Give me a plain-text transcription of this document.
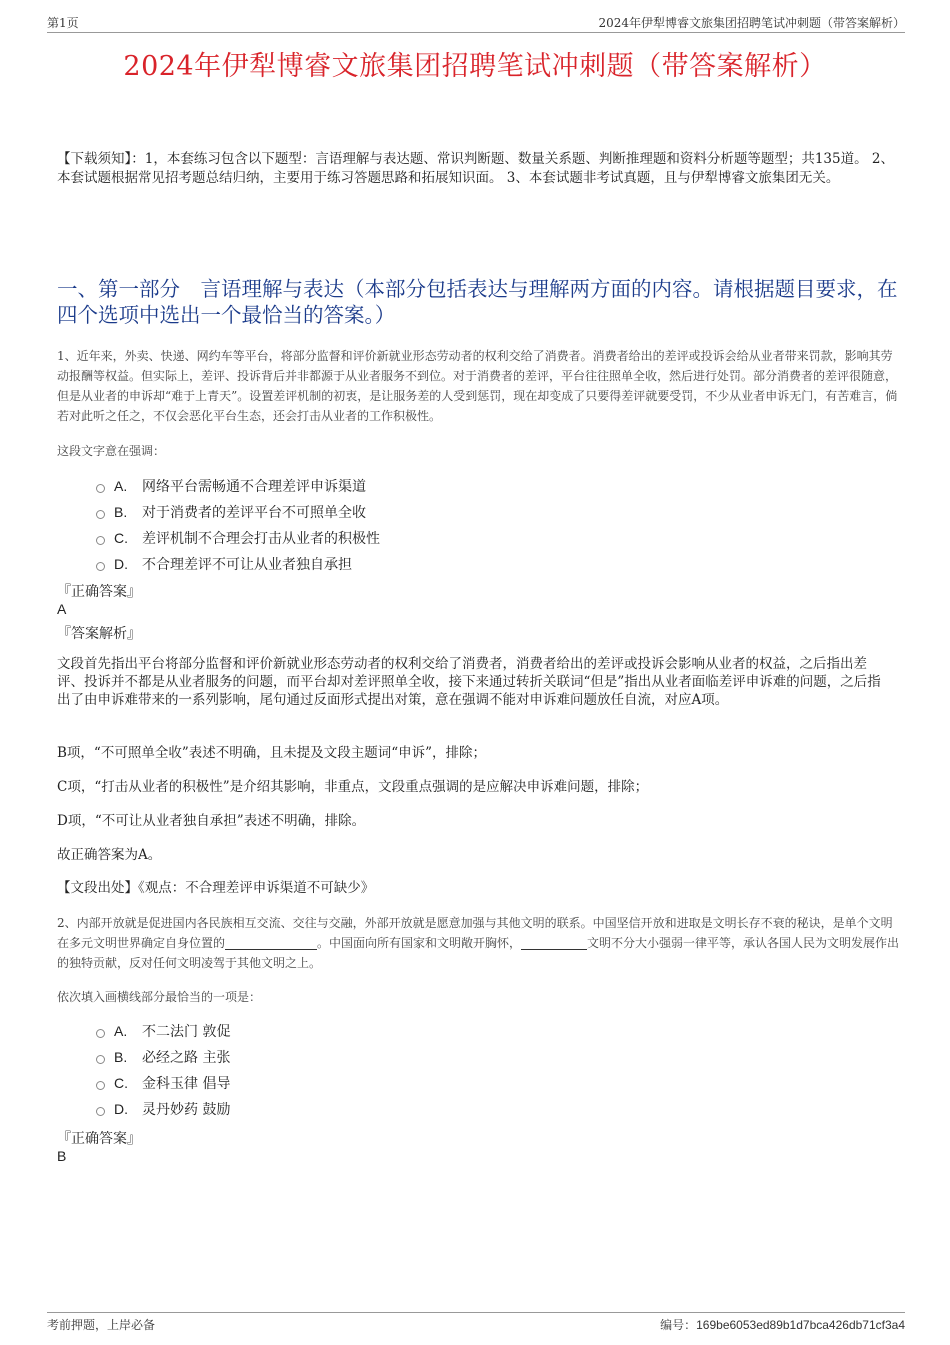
第1页	2024年伊犁博睿文旅集团招聘笔试冲刺题（带答案解析）
2024年伊犁博睿文旅集团招聘笔试冲刺题（带答案解析）
【下载须知】：1，本套练习包含以下题型：言语理解与表达题、常识判断题、数量关系题、判断推理题和资料分析题等题型；共135道。 2、本套试题根据常见招考题总结归纳，主要用于练习答题思路和拓展知识面。 3、本套试题非考试真题，且与伊犁博睿文旅集团无关。
一、第一部分　言语理解与表达（本部分包括表达与理解两方面的内容。请根据题目要求，在四个选项中选出一个最恰当的答案。）
1、近年来，外卖、快递、网约车等平台，将部分监督和评价新就业形态劳动者的权利交给了消费者。消费者给出的差评或投诉会给从业者带来罚款，影响其劳动报酬等权益。但实际上，差评、投诉背后并非都源于从业者服务不到位。对于消费者的差评，平台往往照单全收，然后进行处罚。部分消费者的差评很随意，但是从业者的申诉却“难于上青天”。设置差评机制的初衷，是让服务差的人受到惩罚，现在却变成了只要得差评就要受罚，不少从业者申诉无门，有苦难言，倘若对此听之任之，不仅会恶化平台生态，还会打击从业者的工作积极性。
这段文字意在强调：
A.	网络平台需畅通不合理差评申诉渠道
B.	对于消费者的差评平台不可照单全收
C.	差评机制不合理会打击从业者的积极性
D.	不合理差评不可让从业者独自承担
『正确答案』
A
『答案解析』
文段首先指出平台将部分监督和评价新就业形态劳动者的权利交给了消费者，消费者给出的差评或投诉会影响从业者的权益，之后指出差评、投诉并不都是从业者服务的问题，而平台却对差评照单全收，接下来通过转折关联词“但是”指出从业者面临差评申诉难的问题，之后指出了由申诉难带来的一系列影响，尾句通过反面形式提出对策，意在强调不能对申诉难问题放任自流，对应A项。
B项，“不可照单全收”表述不明确，且未提及文段主题词“申诉”，排除；
C项，“打击从业者的积极性”是介绍其影响，非重点，文段重点强调的是应解决申诉难问题，排除；
D项，“不可让从业者独自承担”表述不明确，排除。
故正确答案为A。
【文段出处】《观点：不合理差评申诉渠道不可缺少》
2、内部开放就是促进国内各民族相互交流、交往与交融，外部开放就是愿意加强与其他文明的联系。中国坚信开放和进取是文明长存不衰的秘诀，是单个文明在多元文明世界确定自身位置的	。中国面向所有国家和文明敞开胸怀，	文明不分大小强弱一律平等，承认各国人民为文明发展作出的独特贡献，反对任何文明凌驾于其他文明之上。
依次填入画横线部分最恰当的一项是：
A.	不二法门 敦促
B.	必经之路 主张
C.	金科玉律 倡导
D.	灵丹妙药 鼓励
『正确答案』
B
考前押题，上岸必备	编号：169be6053ed89b1d7bca426db71cf3a4
